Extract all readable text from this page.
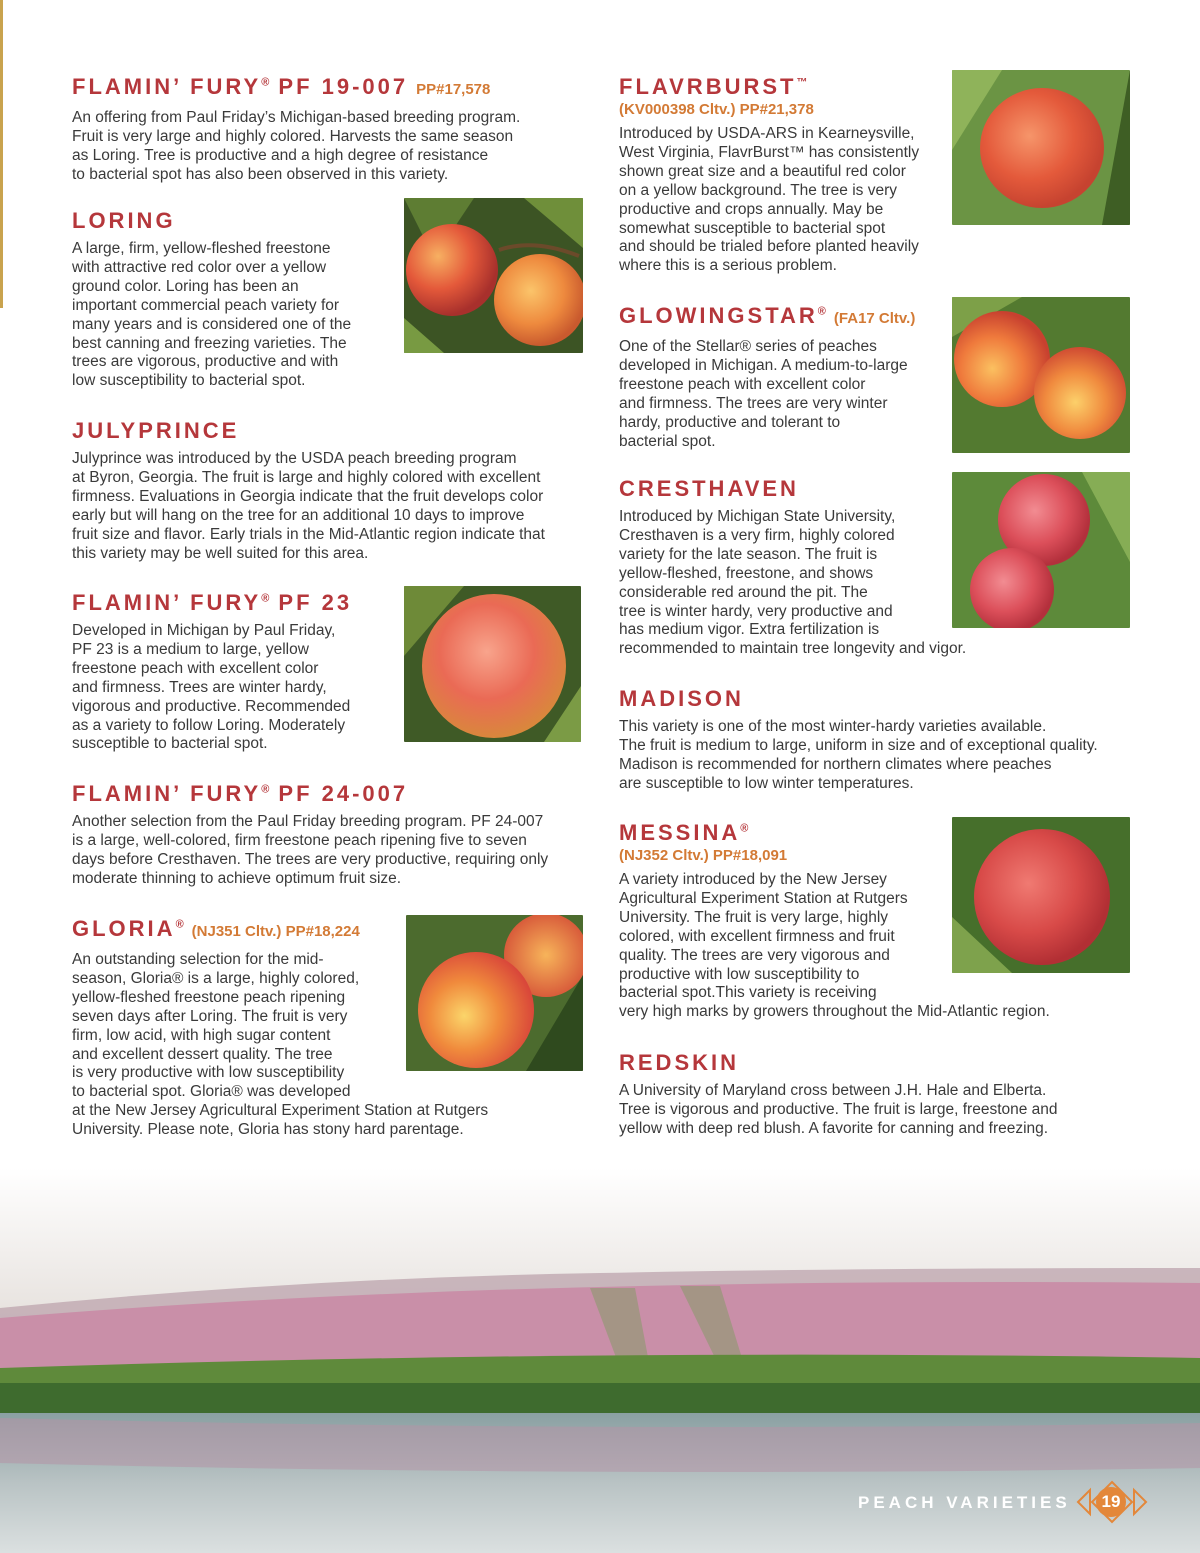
FLAMIN’ FURY® PF 19-007 PP#17,578

An offering from Paul Friday’s Michigan-based breeding program.
Fruit is very large and highly colored. Harvests the same season
as Loring. Tree is productive and a high degree of resistance
to bacterial spot has also been observed in this variety.

LORING

A large, firm, yellow-fleshed freestone
with attractive red color over a yellow
ground color. Loring has been an
important commercial peach variety for
many years and is considered one of the
best canning and freezing varieties. The
trees are vigorous, productive and with
low susceptibility to bacterial spot.

JULYPRINCE

Julyprince was introduced by the USDA peach breeding program
at Byron, Georgia. The fruit is large and highly colored with excellent
firmness. Evaluations in Georgia indicate that the fruit develops color
early but will hang on the tree for an additional 10 days to improve
fruit size and flavor. Early trials in the Mid-Atlantic region indicate that
this variety may be well suited for this area.

FLAMIN’ FURY® PF 23

Developed in Michigan by Paul Friday,
PF 23 is a medium to large, yellow
freestone peach with excellent color
and firmness. Trees are winter hardy,
vigorous and productive. Recommended
as a variety to follow Loring. Moderately
susceptible to bacterial spot.

FLAMIN’ FURY® PF 24-007

Another selection from the Paul Friday breeding program. PF 24-007
is a large, well-colored, firm freestone peach ripening five to seven
days before Cresthaven. The trees are very productive, requiring only
moderate thinning to achieve optimum fruit size.

GLORIA® (NJ351 Cltv.) PP#18,224

An outstanding selection for the mid-
season, Gloria® is a large, highly colored,
yellow-fleshed freestone peach ripening
seven days after Loring. The fruit is very
firm, low acid, with high sugar content
and excellent dessert quality. The tree
is very productive with low susceptibility
to bacterial spot. Gloria® was developed
at the New Jersey Agricultural Experiment Station at Rutgers
University. Please note, Gloria has stony hard parentage.

FLAVRBURST™
(KV000398 Cltv.) PP#21,378

Introduced by USDA-ARS in Kearneysville,
West Virginia, FlavrBurst™ has consistently
shown great size and a beautiful red color
on a yellow background. The tree is very
productive and crops annually. May be
somewhat susceptible to bacterial spot
and should be trialed before planted heavily
where this is a serious problem.

GLOWINGSTAR® (FA17 Cltv.)

One of the Stellar® series of peaches
developed in Michigan. A medium-to-large
freestone peach with excellent color
and firmness. The trees are very winter
hardy, productive and tolerant to
bacterial spot.

CRESTHAVEN

Introduced by Michigan State University,
Cresthaven is a very firm, highly colored
variety for the late season. The fruit is
yellow-fleshed, freestone, and shows
considerable red around the pit. The
tree is winter hardy, very productive and
has medium vigor. Extra fertilization is
recommended to maintain tree longevity and vigor.

MADISON

This variety is one of the most winter-hardy varieties available.
The fruit is medium to large, uniform in size and of exceptional quality.
Madison is recommended for northern climates where peaches
are susceptible to low winter temperatures.

MESSINA®
(NJ352 Cltv.) PP#18,091

A variety introduced by the New Jersey
Agricultural Experiment Station at Rutgers
University. The fruit is very large, highly
colored, with excellent firmness and fruit
quality. The trees are very vigorous and
productive with low susceptibility to
bacterial spot.This variety is receiving
very high marks by growers throughout the Mid-Atlantic region.

REDSKIN

A University of Maryland cross between J.H. Hale and Elberta.
Tree is vigorous and productive. The fruit is large, freestone and
yellow with deep red blush. A favorite for canning and freezing.

PEACH VARIETIES	19
